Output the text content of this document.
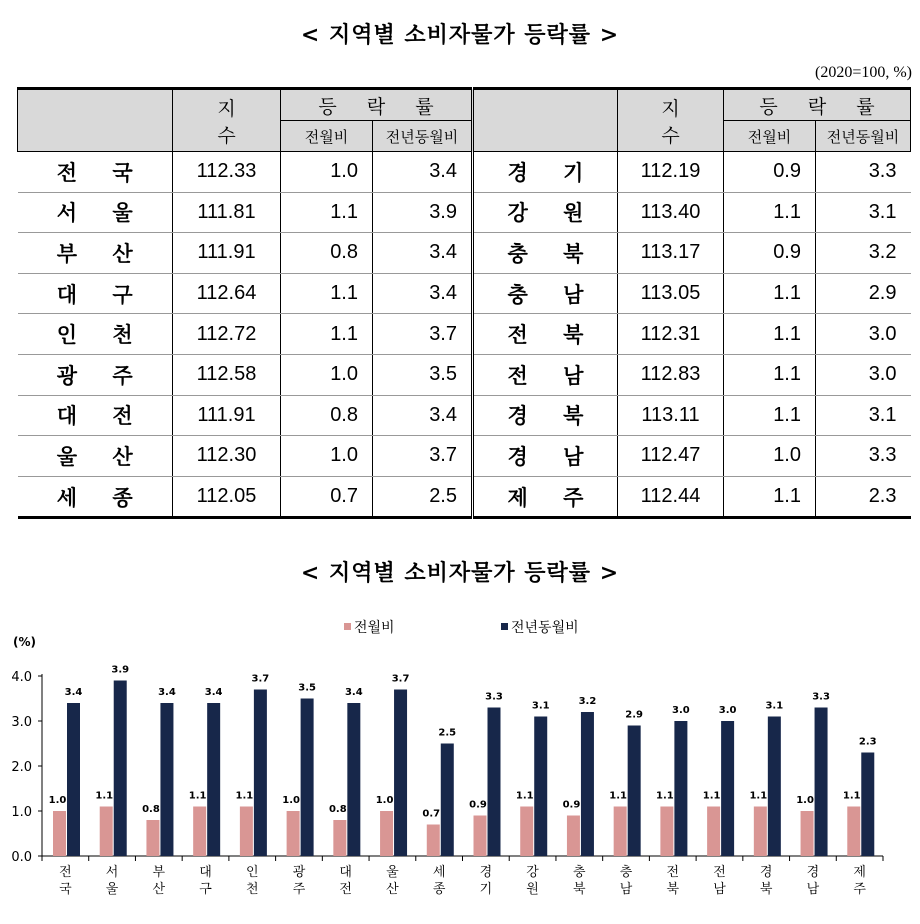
< 지역별 소비자물가 등락률 >
(2020=100, %)
	지 수	등 락 률			지 수	등 락 률	
		전월비	전년동월비			전월비	전년동월비
전 국	112.33	1.0	3.4	경 기	112.19	0.9	3.3
서 울	111.81	1.1	3.9	강 원	113.40	1.1	3.1
부 산	111.91	0.8	3.4	충 북	113.17	0.9	3.2
대 구	112.64	1.1	3.4	충 남	113.05	1.1	2.9
인 천	112.72	1.1	3.7	전 북	112.31	1.1	3.0
광 주	112.58	1.0	3.5	전 남	112.83	1.1	3.0
대 전	111.91	0.8	3.4	경 북	113.11	1.1	3.1
울 산	112.30	1.0	3.7	경 남	112.47	1.0	3.3
세 종	112.05	0.7	2.5	제 주	112.44	1.1	2.3
< 지역별 소비자물가 등락률 >
(%)
0.0
1.0
2.0
3.0
4.0
1.0
3.4
전
국
1.1
3.9
서
울
0.8
3.4
부
산
1.1
3.4
대
구
1.1
3.7
인
천
1.0
3.5
광
주
0.8
3.4
대
전
1.0
3.7
울
산
0.7
2.5
세
종
0.9
3.3
경
기
1.1
3.1
강
원
0.9
3.2
충
북
1.1
2.9
충
남
1.1
3.0
전
북
1.1
3.0
전
남
1.1
3.1
경
북
1.0
3.3
경
남
1.1
2.3
제
주
전월비	전년동월비
